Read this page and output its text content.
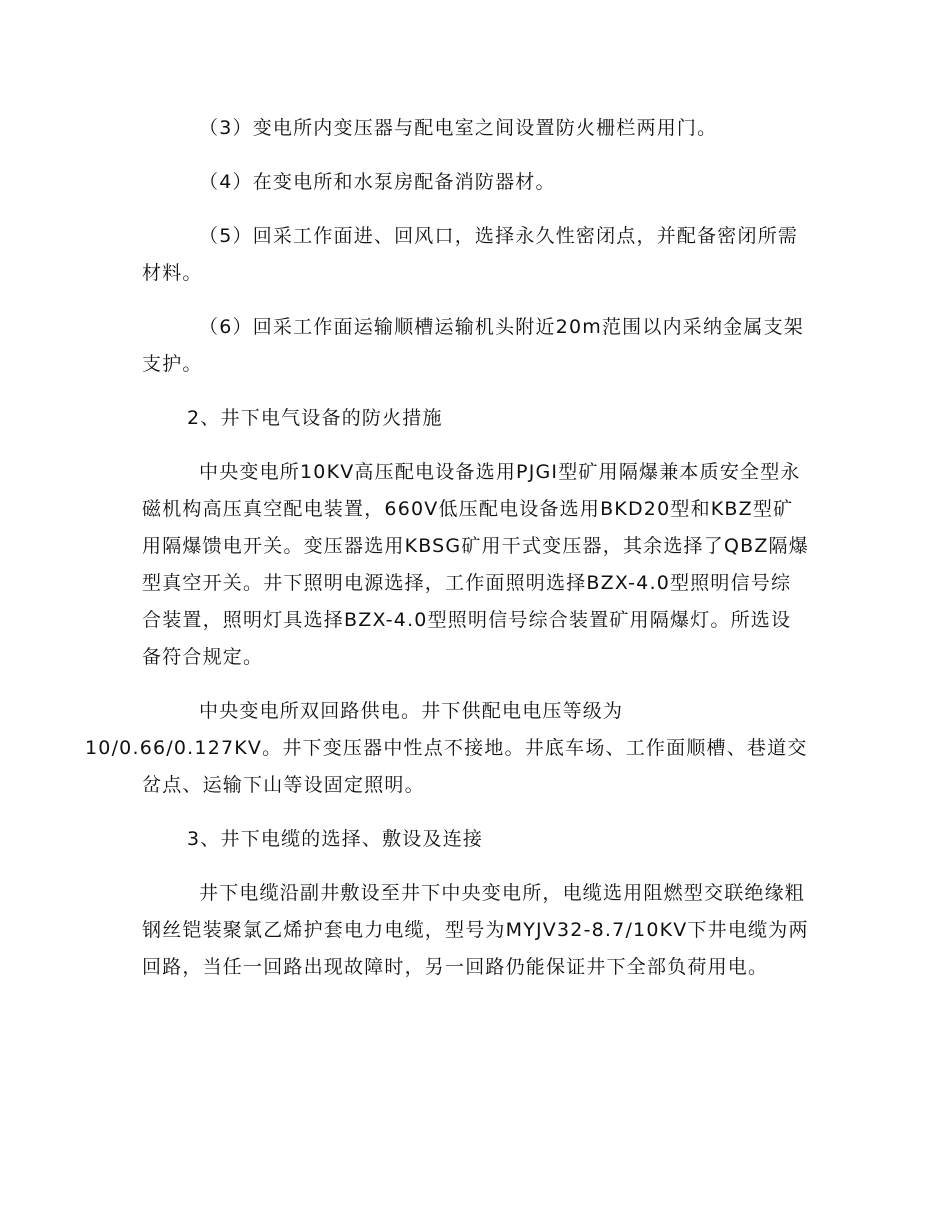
（3）变电所内变压器与配电室之间设置防火栅栏两用门。

（4）在变电所和水泵房配备消防器材。

（5）回采工作面进、回风口，选择永久性密闭点，并配备密闭所需材料。

（6）回采工作面运输顺槽运输机头附近20m范围以内采纳金属支架支护。

2、井下电气设备的防火措施

中央变电所10KV高压配电设备选用PJGI型矿用隔爆兼本质安全型永磁机构高压真空配电装置，660V低压配电设备选用BKD20型和KBZ型矿用隔爆馈电开关。变压器选用KBSG矿用干式变压器，其余选择了QBZ隔爆型真空开关。井下照明电源选择，工作面照明选择BZX-4.0型照明信号综合装置，照明灯具选择BZX-4.0型照明信号综合装置矿用隔爆灯。所选设备符合规定。

中央变电所双回路供电。井下供配电电压等级为
10/0.66/0.127KV。井下变压器中性点不接地。井底车场、工作面顺槽、巷道交岔点、运输下山等设固定照明。

3、井下电缆的选择、敷设及连接

井下电缆沿副井敷设至井下中央变电所，电缆选用阻燃型交联绝缘粗钢丝铠装聚氯乙烯护套电力电缆，型号为MYJV32-8.7/10KV下井电缆为两回路，当任一回路出现故障时，另一回路仍能保证井下全部负荷用电。
